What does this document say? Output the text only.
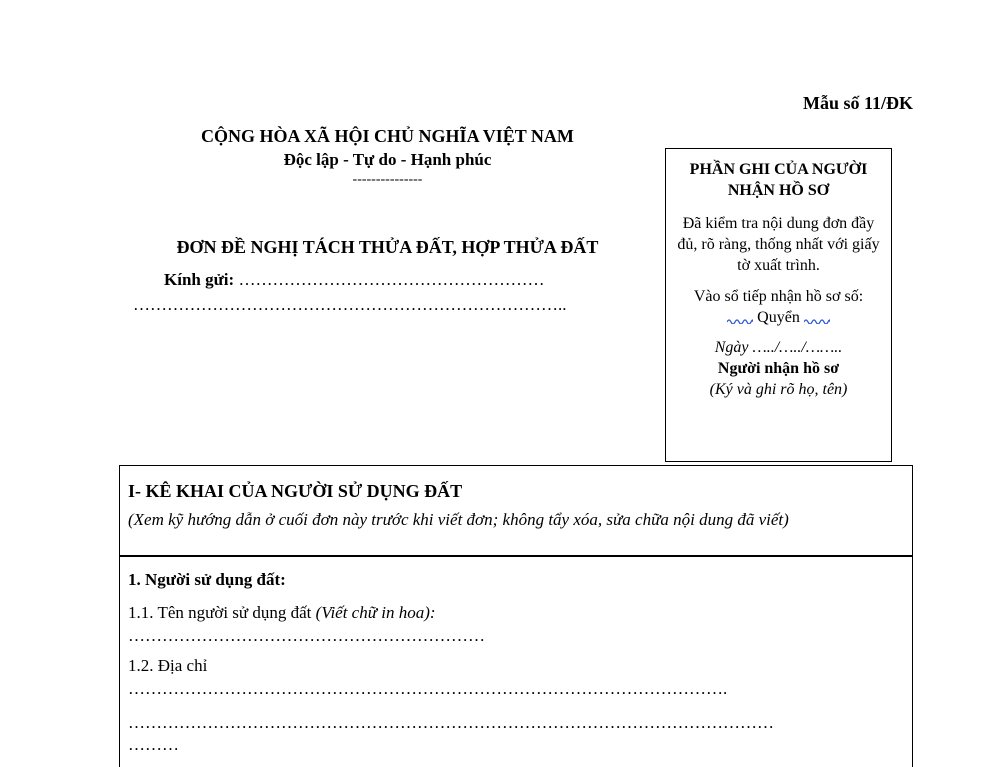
Mẫu số 11/ĐK
CỘNG HÒA XÃ HỘI CHỦ NGHĨA VIỆT NAM
Độc lập - Tự do - Hạnh phúc
---------------
ĐƠN ĐỀ NGHỊ TÁCH THỬA ĐẤT, HỢP THỬA ĐẤT
Kính gửi: ………………………………………………
…………………………………………………………………..
PHẦN GHI CỦA NGƯỜI NHẬN HỒ SƠ
Đã kiểm tra nội dung đơn đầy đủ, rõ ràng, thống nhất với giấy tờ xuất trình.
Vào sổ tiếp nhận hồ sơ số:
Quyển
Ngày …../…../……..
Người nhận hồ sơ
(Ký và ghi rõ họ, tên)
I- KÊ KHAI CỦA NGƯỜI SỬ DỤNG ĐẤT
(Xem kỹ hướng dẫn ở cuối đơn này trước khi viết đơn; không tẩy xóa, sửa chữa nội dung đã viết)
1. Người sử dụng đất:
1.1. Tên người sử dụng đất (Viết chữ in hoa):
………………………………………………………
1.2. Địa chỉ
…………………………………………………………………………………………….
……………………………………………………………………………………………………
………
